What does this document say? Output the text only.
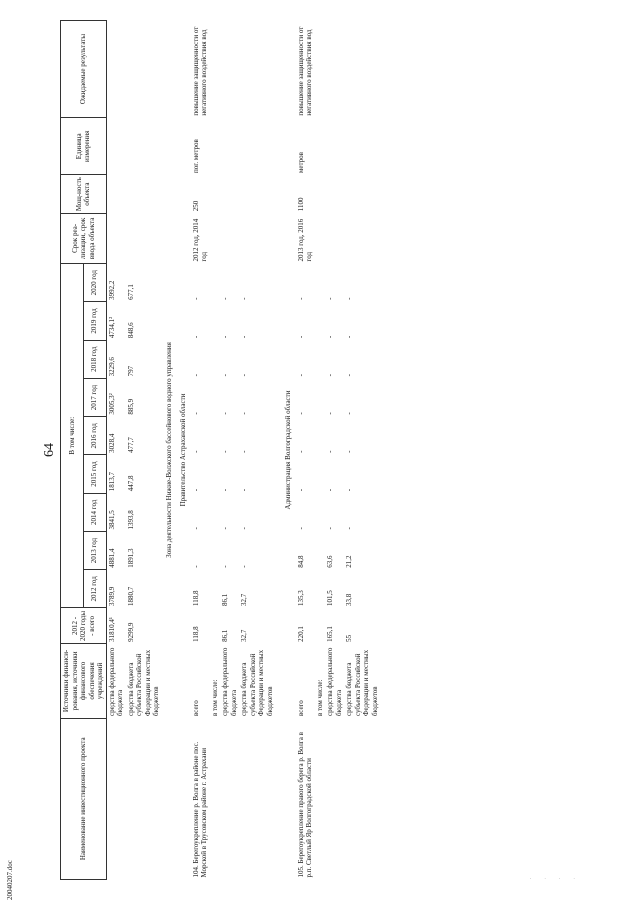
64
20040207.doc	. . . .
Наименование инвестиционного проекта	Источники финанси-рования, источники финансового обеспечения учреждений	2012 - 2020 годы - всего	В том числе:									Срок реа-лизации, срок ввода объекта	Мощ-ность объекта	Единица измерения	Ожидаемые результаты
			2012 год	2013 год	2014 год	2015 год	2016 год	2017 год	2018 год	2019 год	2020 год				
	средства федерального бюджета	31810,4¹	3789,9	4881,4	3841,5	1813,7	3028,4	3005,3²	3229,6	4734,1²	3992,2				
	средства бюджета субъекта Российской Федерации и местных бюджетов	9299,9	1880,7	1891,3	1393,8	447,8	477,7	885,9	797	848,6	677,1				
Зона деятельности Нижне-Волжского бассейнового водного управления															
Правительство Астраханской области															
104. Берегоукрепление р. Волга в районе пос. Морской в Трусовском районе г. Астрахани	всего	118,8	118,8	-	-	-	-	-	-	-	-	2012 год, 2014 год	250	пог. метров	повышение защищенности от негативного воздействия вод
	в том числе:														
	средства федерального бюджета	86,1	86,1	-	-	-	-	-	-	-	-				
	средства бюджета субъекта Российской Федерации и местных бюджетов	32,7	32,7	-	-	-	-	-	-	-	-				

Администрация Волгоградской области															
105. Берегоукрепление правого берега р. Волга в р.п. Светлый Яр Волгоградской области	всего	220,1	135,3	84,8	-	-	-	-	-	-	-	2013 год, 2016 год	1100	метров	повышение защищенности от негативного воздействия вод
	в том числе:														
	средства федерального бюджета	165,1	101,5	63,6	-	-	-	-	-	-	-				
	средства бюджета субъекта Российской Федерации и местных бюджетов	55	33,8	21,2	-	-	-	-	-	-	-				
